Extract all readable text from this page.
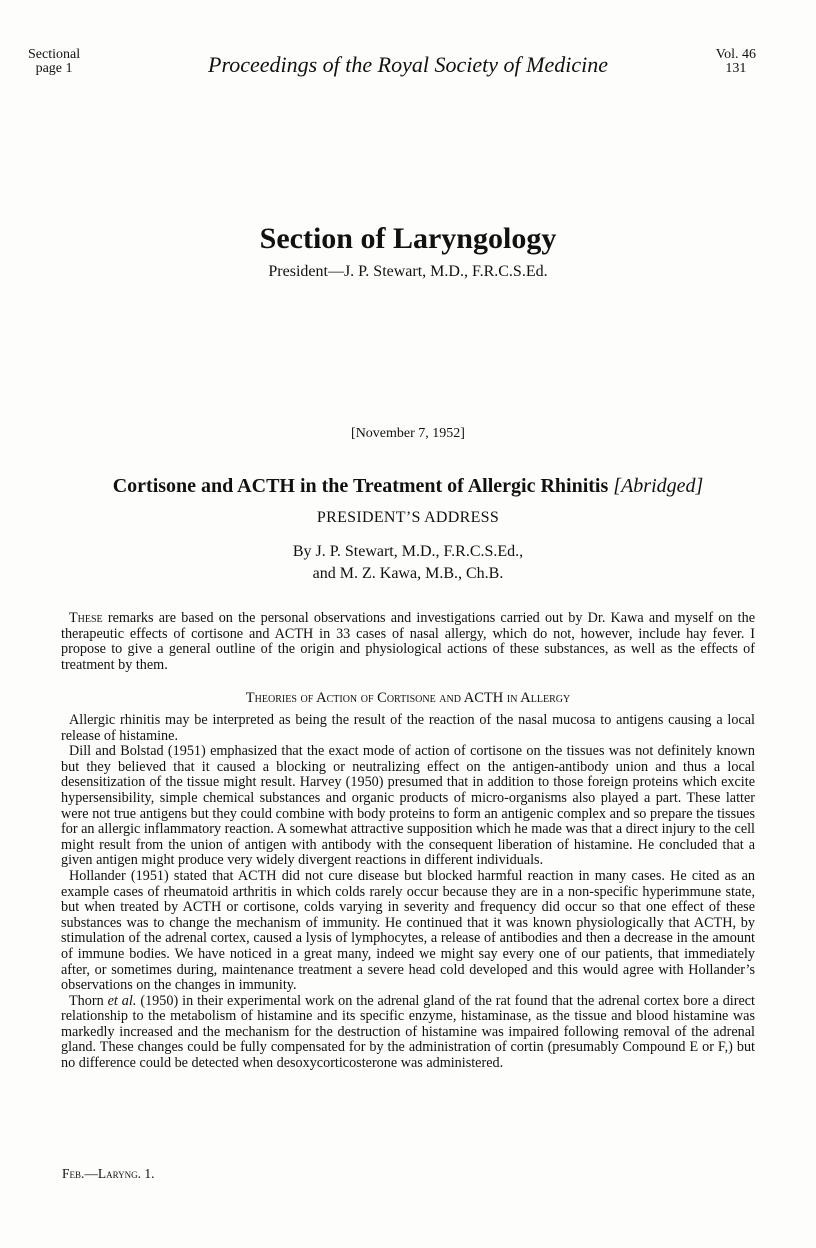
Sectional
page 1	Proceedings of the Royal Society of Medicine	Vol. 46
131
Section of Laryngology
President—J. P. Stewart, M.D., F.R.C.S.Ed.
[November 7, 1952]
Cortisone and ACTH in the Treatment of Allergic Rhinitis [Abridged]
PRESIDENT’S ADDRESS
By J. P. Stewart, M.D., F.R.C.S.Ed.,
and M. Z. Kawa, M.B., Ch.B.

These remarks are based on the personal observations and investigations carried out by Dr. Kawa and myself on the therapeutic effects of cortisone and ACTH in 33 cases of nasal allergy, which do not, however, include hay fever. I propose to give a general outline of the origin and physiological actions of these substances, as well as the effects of treatment by them.

Theories of Action of Cortisone and ACTH in Allergy

Allergic rhinitis may be interpreted as being the result of the reaction of the nasal mucosa to antigens causing a local release of histamine.

Dill and Bolstad (1951) emphasized that the exact mode of action of cortisone on the tissues was not definitely known but they believed that it caused a blocking or neutralizing effect on the antigen-antibody union and thus a local desensitization of the tissue might result. Harvey (1950) presumed that in addition to those foreign proteins which excite hypersensibility, simple chemical substances and organic products of micro-organisms also played a part. These latter were not true antigens but they could combine with body proteins to form an antigenic complex and so prepare the tissues for an allergic inflammatory reaction. A somewhat attractive supposition which he made was that a direct injury to the cell might result from the union of antigen with antibody with the consequent liberation of histamine. He concluded that a given antigen might produce very widely divergent reactions in different individuals.

Hollander (1951) stated that ACTH did not cure disease but blocked harmful reaction in many cases. He cited as an example cases of rheumatoid arthritis in which colds rarely occur because they are in a non-specific hyperimmune state, but when treated by ACTH or cortisone, colds varying in severity and frequency did occur so that one effect of these substances was to change the mechanism of immunity. He continued that it was known physiologically that ACTH, by stimulation of the adrenal cortex, caused a lysis of lymphocytes, a release of antibodies and then a decrease in the amount of immune bodies. We have noticed in a great many, indeed we might say every one of our patients, that immediately after, or sometimes during, maintenance treatment a severe head cold developed and this would agree with Hollander’s observations on the changes in immunity.

Thorn et al. (1950) in their experimental work on the adrenal gland of the rat found that the adrenal cortex bore a direct relationship to the metabolism of histamine and its specific enzyme, histaminase, as the tissue and blood histamine was markedly increased and the mechanism for the destruction of histamine was impaired following removal of the adrenal gland. These changes could be fully compensated for by the administration of cortin (presumably Compound E or F,) but no difference could be detected when desoxycorticosterone was administered.

Feb.—Laryng. 1.
